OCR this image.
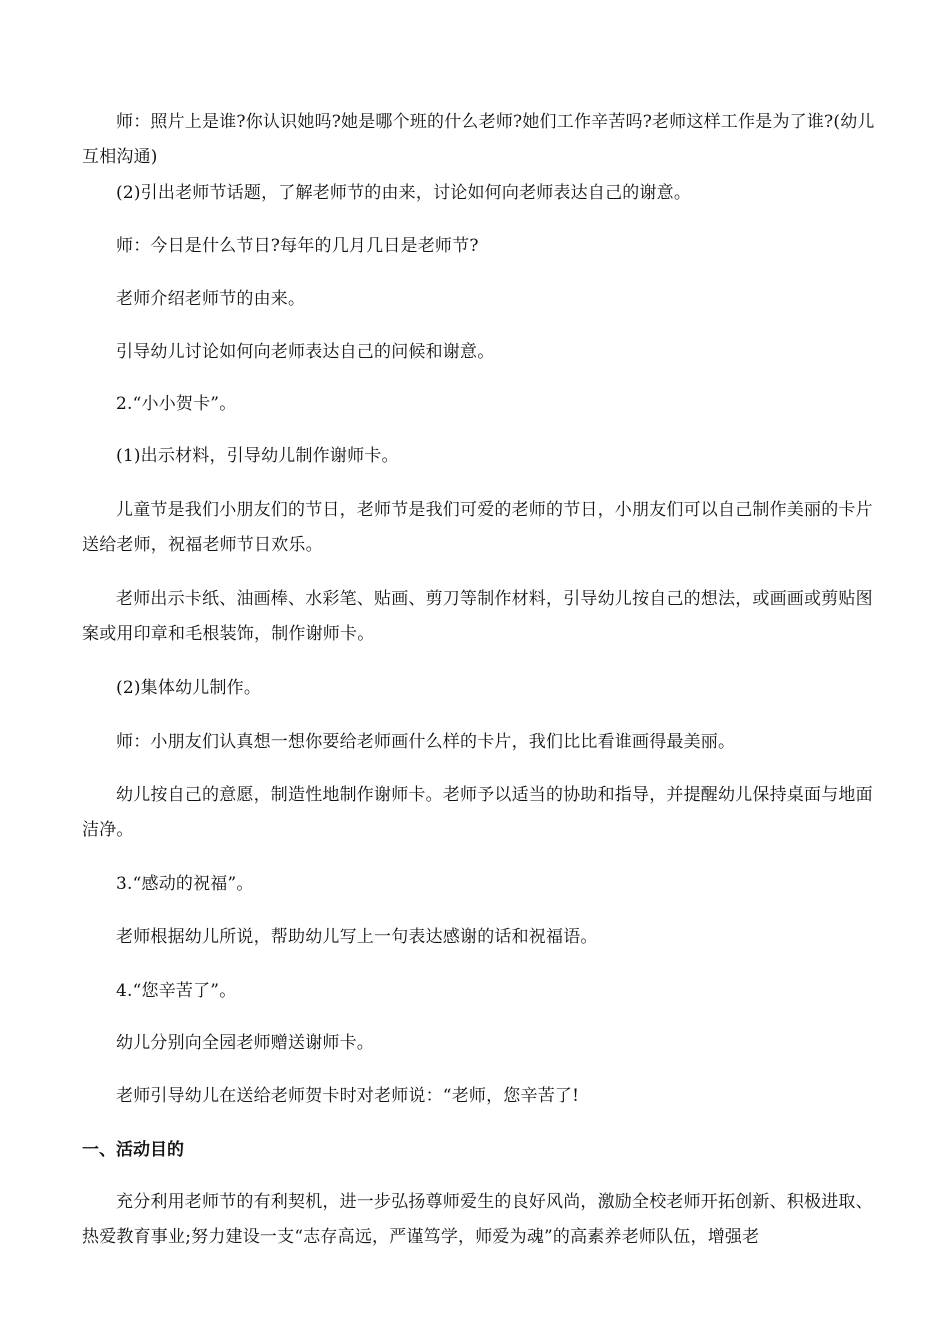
师：照片上是谁?你认识她吗?她是哪个班的什么老师?她们工作辛苦吗?老师这样工作是为了谁?(幼儿互相沟通)

(2)引出老师节话题，了解老师节的由来，讨论如何向老师表达自己的谢意。

师：今日是什么节日?每年的几月几日是老师节?

老师介绍老师节的由来。

引导幼儿讨论如何向老师表达自己的问候和谢意。

2.“小小贺卡”。

(1)出示材料，引导幼儿制作谢师卡。

儿童节是我们小朋友们的节日，老师节是我们可爱的老师的节日，小朋友们可以自己制作美丽的卡片送给老师，祝福老师节日欢乐。

老师出示卡纸、油画棒、水彩笔、贴画、剪刀等制作材料，引导幼儿按自己的想法，或画画或剪贴图案或用印章和毛根装饰，制作谢师卡。

(2)集体幼儿制作。

师：小朋友们认真想一想你要给老师画什么样的卡片，我们比比看谁画得最美丽。

幼儿按自己的意愿，制造性地制作谢师卡。老师予以适当的协助和指导，并提醒幼儿保持桌面与地面洁净。

3.“感动的祝福”。

老师根据幼儿所说，帮助幼儿写上一句表达感谢的话和祝福语。

4.“您辛苦了”。

幼儿分别向全园老师赠送谢师卡。

老师引导幼儿在送给老师贺卡时对老师说：“老师，您辛苦了!

一、活动目的

充分利用老师节的有利契机，进一步弘扬尊师爱生的良好风尚，激励全校老师开拓创新、积极进取、热爱教育事业;努力建设一支“志存高远，严谨笃学，师爱为魂”的高素养老师队伍，增强老
